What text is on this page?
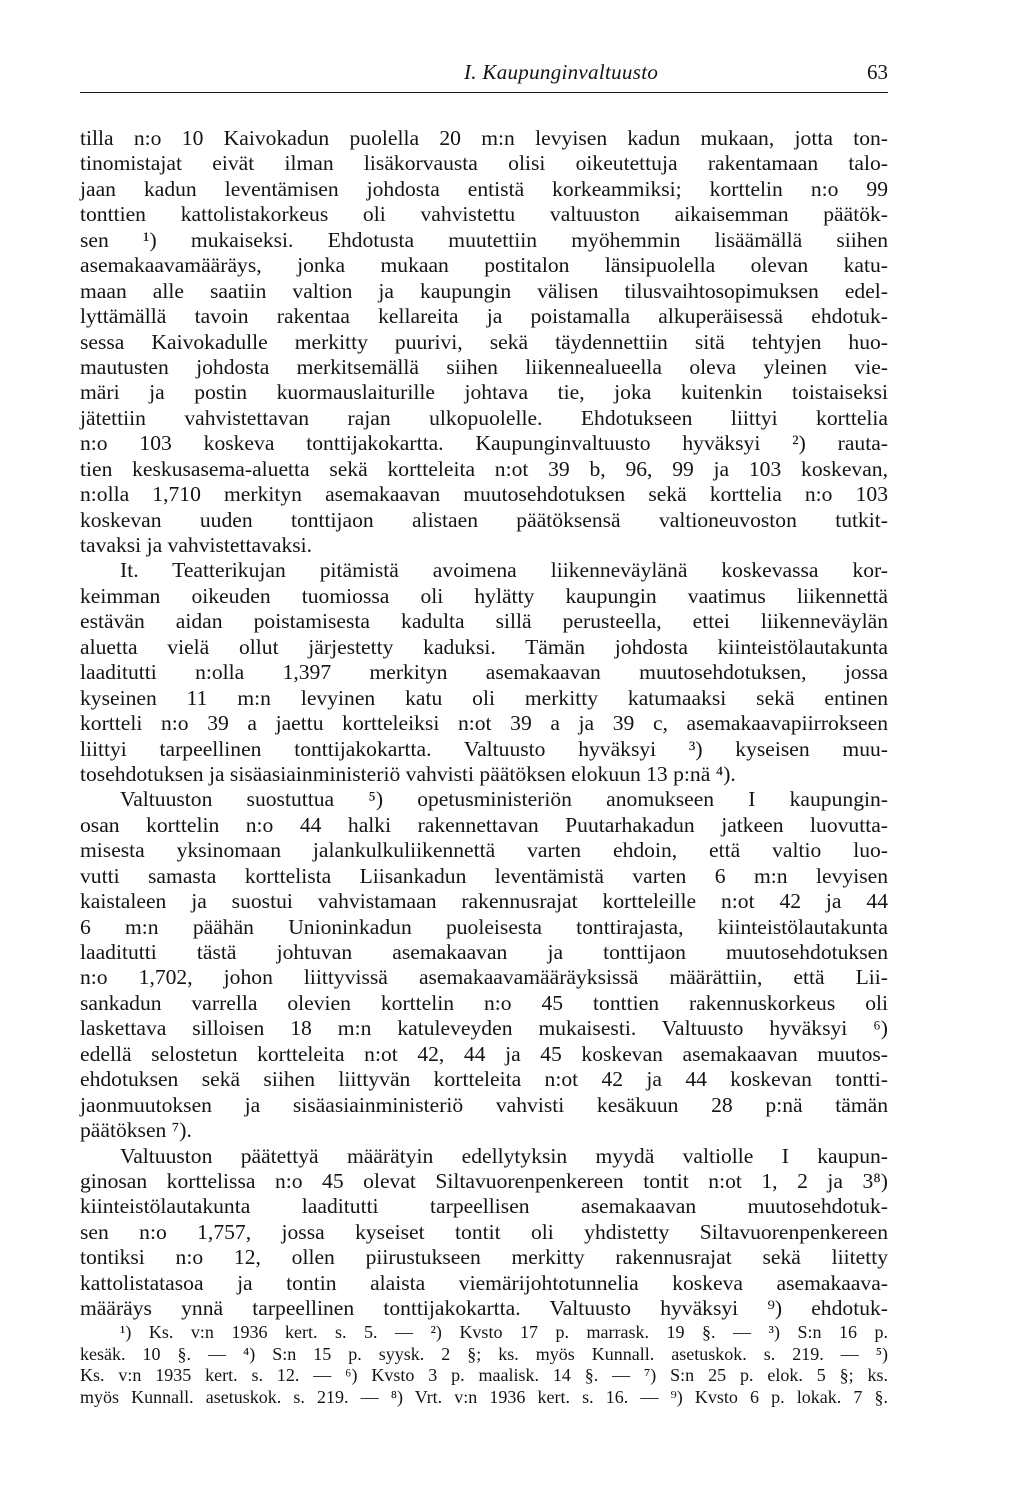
I. Kaupunginvaltuusto	63
tilla n:o 10 Kaivokadun puolella 20 m:n levyisen kadun mukaan, jotta ton-
tinomistajat eivät ilman lisäkorvausta olisi oikeutettuja rakentamaan talo-
jaan kadun leventämisen johdosta entistä korkeammiksi; korttelin n:o 99
tonttien kattolistakorkeus oli vahvistettu valtuuston aikaisemman päätök-
sen ¹) mukaiseksi. Ehdotusta muutettiin myöhemmin lisäämällä siihen
asemakaavamääräys, jonka mukaan postitalon länsipuolella olevan katu-
maan alle saatiin valtion ja kaupungin välisen tilusvaihtosopimuksen edel-
lyttämällä tavoin rakentaa kellareita ja poistamalla alkuperäisessä ehdotuk-
sessa Kaivokadulle merkitty puurivi, sekä täydennettiin sitä tehtyjen huo-
mautusten johdosta merkitsemällä siihen liikennealueella oleva yleinen vie-
märi ja postin kuormauslaiturille johtava tie, joka kuitenkin toistaiseksi
jätettiin vahvistettavan rajan ulkopuolelle. Ehdotukseen liittyi korttelia
n:o 103 koskeva tonttijakokartta. Kaupunginvaltuusto hyväksyi ²) rauta-
tien keskusasema-aluetta sekä kortteleita n:ot 39 b, 96, 99 ja 103 koskevan,
n:olla 1,710 merkityn asemakaavan muutosehdotuksen sekä korttelia n:o 103
koskevan uuden tonttijaon alistaen päätöksensä valtioneuvoston tutkit-
tavaksi ja vahvistettavaksi.
It. Teatterikujan pitämistä avoimena liikenneväylänä koskevassa kor-
keimman oikeuden tuomiossa oli hylätty kaupungin vaatimus liikennettä
estävän aidan poistamisesta kadulta sillä perusteella, ettei liikenneväylän
aluetta vielä ollut järjestetty kaduksi. Tämän johdosta kiinteistölautakunta
laaditutti n:olla 1,397 merkityn asemakaavan muutosehdotuksen, jossa
kyseinen 11 m:n levyinen katu oli merkitty katumaaksi sekä entinen
kortteli n:o 39 a jaettu kortteleiksi n:ot 39 a ja 39 c, asemakaavapiirrokseen
liittyi tarpeellinen tonttijakokartta. Valtuusto hyväksyi ³) kyseisen muu-
tosehdotuksen ja sisäasiainministeriö vahvisti päätöksen elokuun 13 p:nä ⁴).
Valtuuston suostuttua ⁵) opetusministeriön anomukseen I kaupungin-
osan korttelin n:o 44 halki rakennettavan Puutarhakadun jatkeen luovutta-
misesta yksinomaan jalankulkuliikennettä varten ehdoin, että valtio luo-
vutti samasta korttelista Liisankadun leventämistä varten 6 m:n levyisen
kaistaleen ja suostui vahvistamaan rakennusrajat kortteleille n:ot 42 ja 44
6 m:n päähän Unioninkadun puoleisesta tonttirajasta, kiinteistölautakunta
laaditutti tästä johtuvan asemakaavan ja tonttijaon muutosehdotuksen
n:o 1,702, johon liittyvissä asemakaavamääräyksissä määrättiin, että Lii-
sankadun varrella olevien korttelin n:o 45 tonttien rakennuskorkeus oli
laskettava silloisen 18 m:n katuleveyden mukaisesti. Valtuusto hyväksyi ⁶)
edellä selostetun kortteleita n:ot 42, 44 ja 45 koskevan asemakaavan muutos-
ehdotuksen sekä siihen liittyvän kortteleita n:ot 42 ja 44 koskevan tontti-
jaonmuutoksen ja sisäasiainministeriö vahvisti kesäkuun 28 p:nä tämän
päätöksen ⁷).
Valtuuston päätettyä määrätyin edellytyksin myydä valtiolle I kaupun-
ginosan korttelissa n:o 45 olevat Siltavuorenpenkereen tontit n:ot 1, 2 ja 3⁸)
kiinteistölautakunta laaditutti tarpeellisen asemakaavan muutosehdotuk-
sen n:o 1,757, jossa kyseiset tontit oli yhdistetty Siltavuorenpenkereen
tontiksi n:o 12, ollen piirustukseen merkitty rakennusrajat sekä liitetty
kattolistatasoa ja tontin alaista viemärijohtotunnelia koskeva asemakaava-
määräys ynnä tarpeellinen tonttijakokartta. Valtuusto hyväksyi ⁹) ehdotuk-
¹) Ks. v:n 1936 kert. s. 5. — ²) Kvsto 17 p. marrask. 19 §. — ³) S:n 16 p.
kesäk. 10 §. — ⁴) S:n 15 p. syysk. 2 §; ks. myös Kunnall. asetuskok. s. 219. — ⁵)
Ks. v:n 1935 kert. s. 12. — ⁶) Kvsto 3 p. maalisk. 14 §. — ⁷) S:n 25 p. elok. 5 §; ks.
myös Kunnall. asetuskok. s. 219. — ⁸) Vrt. v:n 1936 kert. s. 16. — ⁹) Kvsto 6 p. lokak. 7 §.
